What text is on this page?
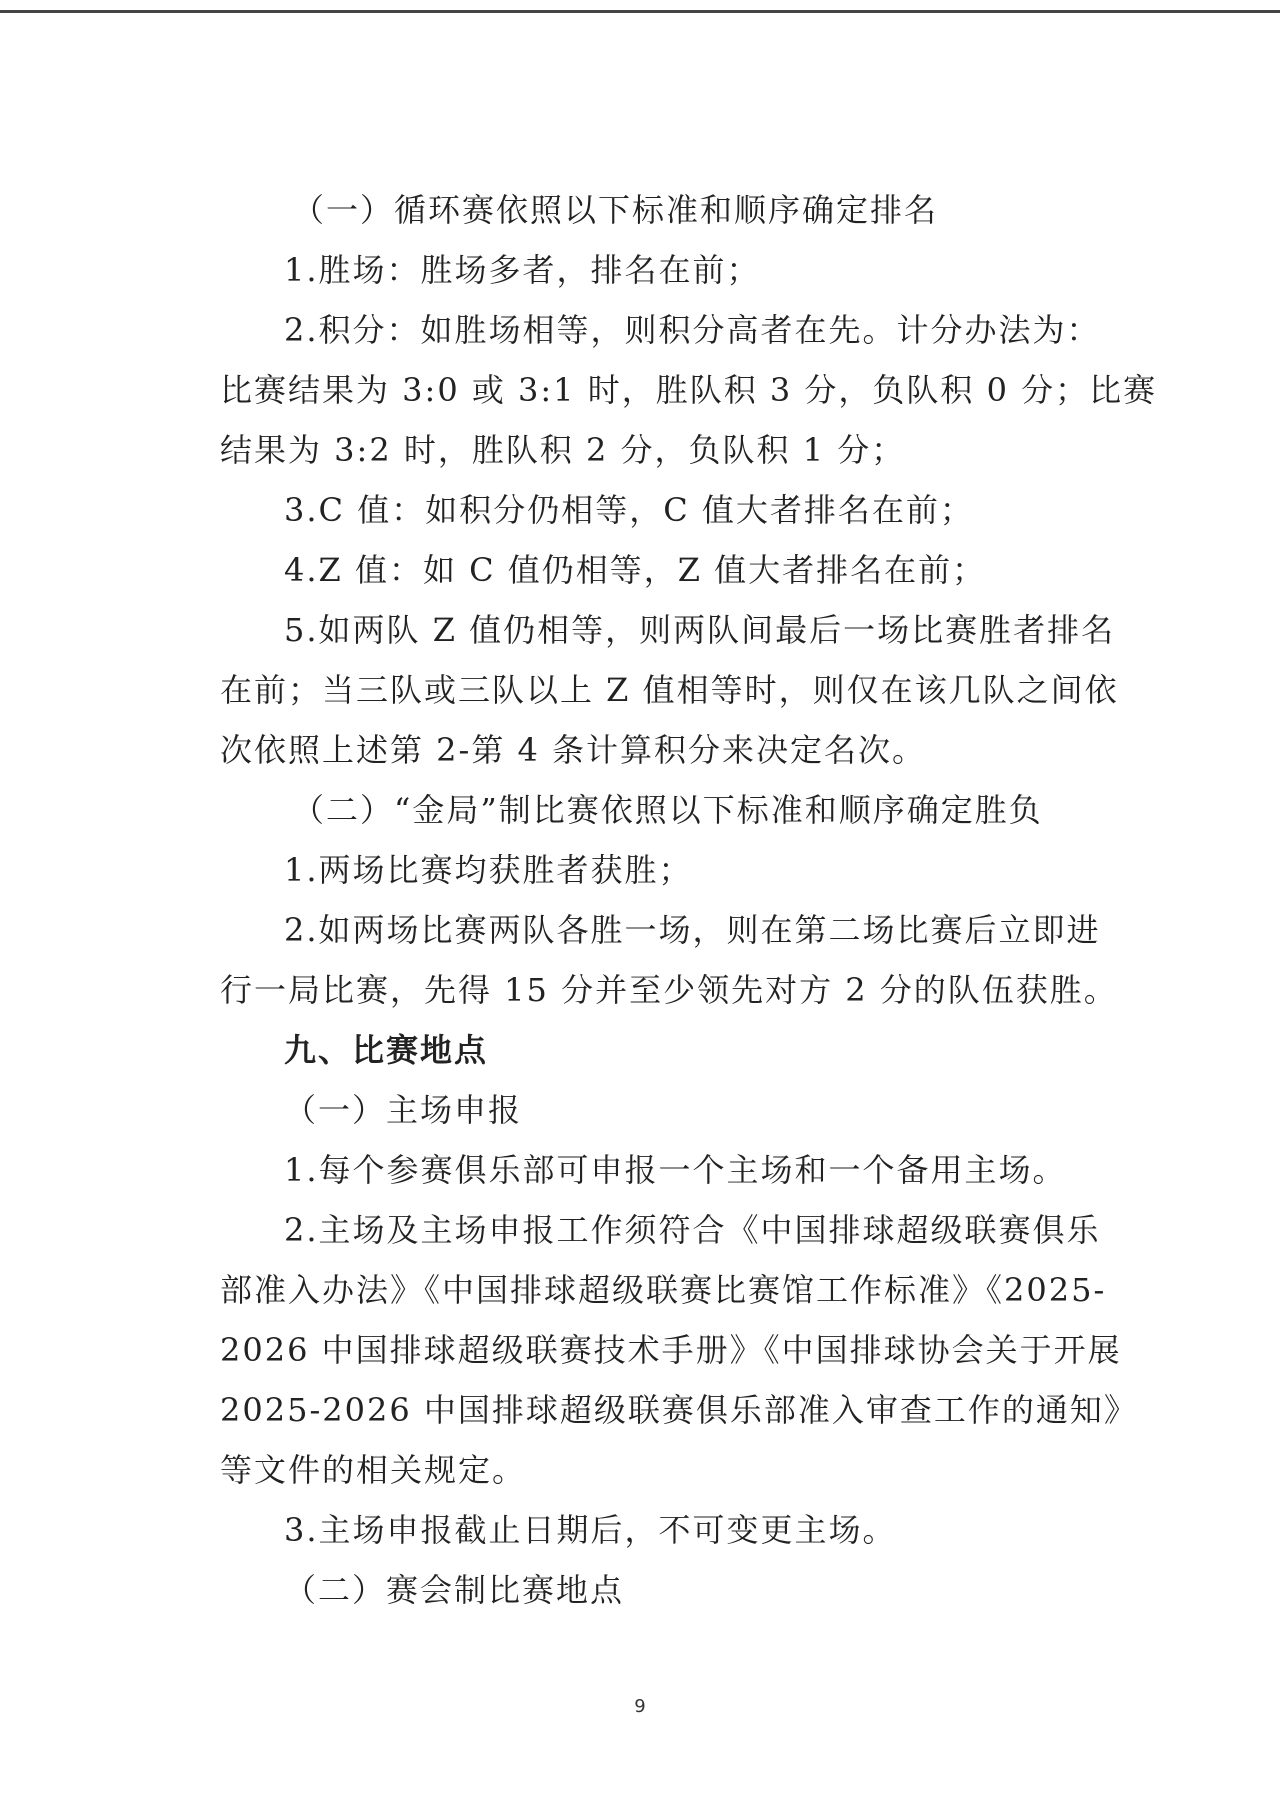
（一）循环赛依照以下标准和顺序确定排名
1.胜场：胜场多者，排名在前；
2.积分：如胜场相等，则积分高者在先。计分办法为：
比赛结果为 3:0 或 3:1 时，胜队积 3 分，负队积 0 分；比赛
结果为 3:2 时，胜队积 2 分，负队积 1 分；
3.C 值：如积分仍相等，C 值大者排名在前；
4.Z 值：如 C 值仍相等，Z 值大者排名在前；
5.如两队 Z 值仍相等，则两队间最后一场比赛胜者排名
在前；当三队或三队以上 Z 值相等时，则仅在该几队之间依
次依照上述第 2-第 4 条计算积分来决定名次。
（二）“金局”制比赛依照以下标准和顺序确定胜负
1.两场比赛均获胜者获胜；
2.如两场比赛两队各胜一场，则在第二场比赛后立即进
行一局比赛，先得 15 分并至少领先对方 2 分的队伍获胜。
九、比赛地点
（一）主场申报
1.每个参赛俱乐部可申报一个主场和一个备用主场。
2.主场及主场申报工作须符合《中国排球超级联赛俱乐
部准入办法》《中国排球超级联赛比赛馆工作标准》《2025-
2026 中国排球超级联赛技术手册》《中国排球协会关于开展
2025-2026 中国排球超级联赛俱乐部准入审查工作的通知》
等文件的相关规定。
3.主场申报截止日期后，不可变更主场。
（二）赛会制比赛地点
9
